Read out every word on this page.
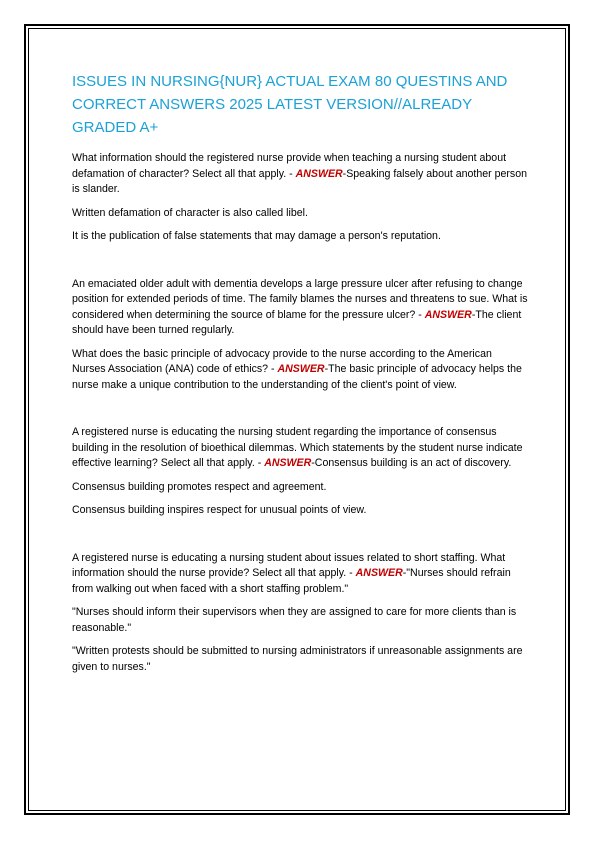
ISSUES IN NURSING{NUR} ACTUAL EXAM 80 QUESTINS AND CORRECT ANSWERS 2025 LATEST VERSION//ALREADY GRADED A+

What information should the registered nurse provide when teaching a nursing student about defamation of character? Select all that apply. - ANSWER-Speaking falsely about another person is slander.

Written defamation of character is also called libel.

It is the publication of false statements that may damage a person's reputation.

An emaciated older adult with dementia develops a large pressure ulcer after refusing to change position for extended periods of time. The family blames the nurses and threatens to sue. What is considered when determining the source of blame for the pressure ulcer? - ANSWER-The client should have been turned regularly.

What does the basic principle of advocacy provide to the nurse according to the American Nurses Association (ANA) code of ethics? - ANSWER-The basic principle of advocacy helps the nurse make a unique contribution to the understanding of the client's point of view.

A registered nurse is educating the nursing student regarding the importance of consensus building in the resolution of bioethical dilemmas. Which statements by the student nurse indicate effective learning? Select all that apply. - ANSWER-Consensus building is an act of discovery.

Consensus building promotes respect and agreement.

Consensus building inspires respect for unusual points of view.

A registered nurse is educating a nursing student about issues related to short staffing. What information should the nurse provide? Select all that apply. - ANSWER-"Nurses should refrain from walking out when faced with a short staffing problem."

"Nurses should inform their supervisors when they are assigned to care for more clients than is reasonable."

"Written protests should be submitted to nursing administrators if unreasonable assignments are given to nurses."
